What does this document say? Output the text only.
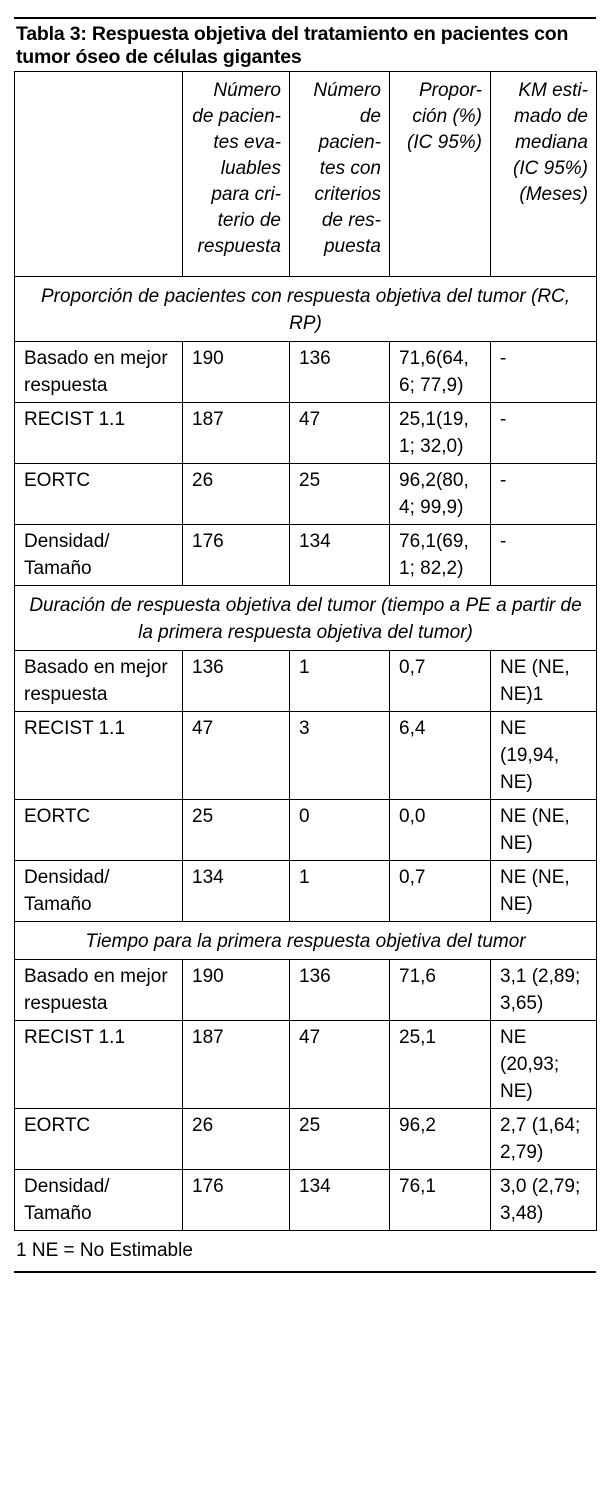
Tabla 3: Respuesta objetiva del tratamiento en pacientes con tumor óseo de células gigantes
	Número de pacien-tes eva-luables para cri-terio de respuesta	Número de pacien-tes con criterios de res-puesta	Propor-ción (%) (IC 95%)	KM esti-mado de mediana (IC 95%) (Meses)
Proporción de pacientes con respuesta objetiva del tumor (RC, RP)				
Basado en mejor respuesta	190	136	71,6(64, 6; 77,9)	-
RECIST 1.1	187	47	25,1(19, 1; 32,0)	-
EORTC	26	25	96,2(80, 4; 99,9)	-
Densidad/ Tamaño	176	134	76,1(69, 1; 82,2)	-
Duración de respuesta objetiva del tumor (tiempo a PE a partir de la primera respuesta objetiva del tumor)				
Basado en mejor respuesta	136	1	0,7	NE (NE, NE)1
RECIST 1.1	47	3	6,4	NE (19,94, NE)
EORTC	25	0	0,0	NE (NE, NE)
Densidad/ Tamaño	134	1	0,7	NE (NE, NE)
Tiempo para la primera respuesta objetiva del tumor				
Basado en mejor respuesta	190	136	71,6	3,1 (2,89; 3,65)
RECIST 1.1	187	47	25,1	NE (20,93; NE)
EORTC	26	25	96,2	2,7 (1,64; 2,79)
Densidad/ Tamaño	176	134	76,1	3,0 (2,79; 3,48)
1 NE = No Estimable
